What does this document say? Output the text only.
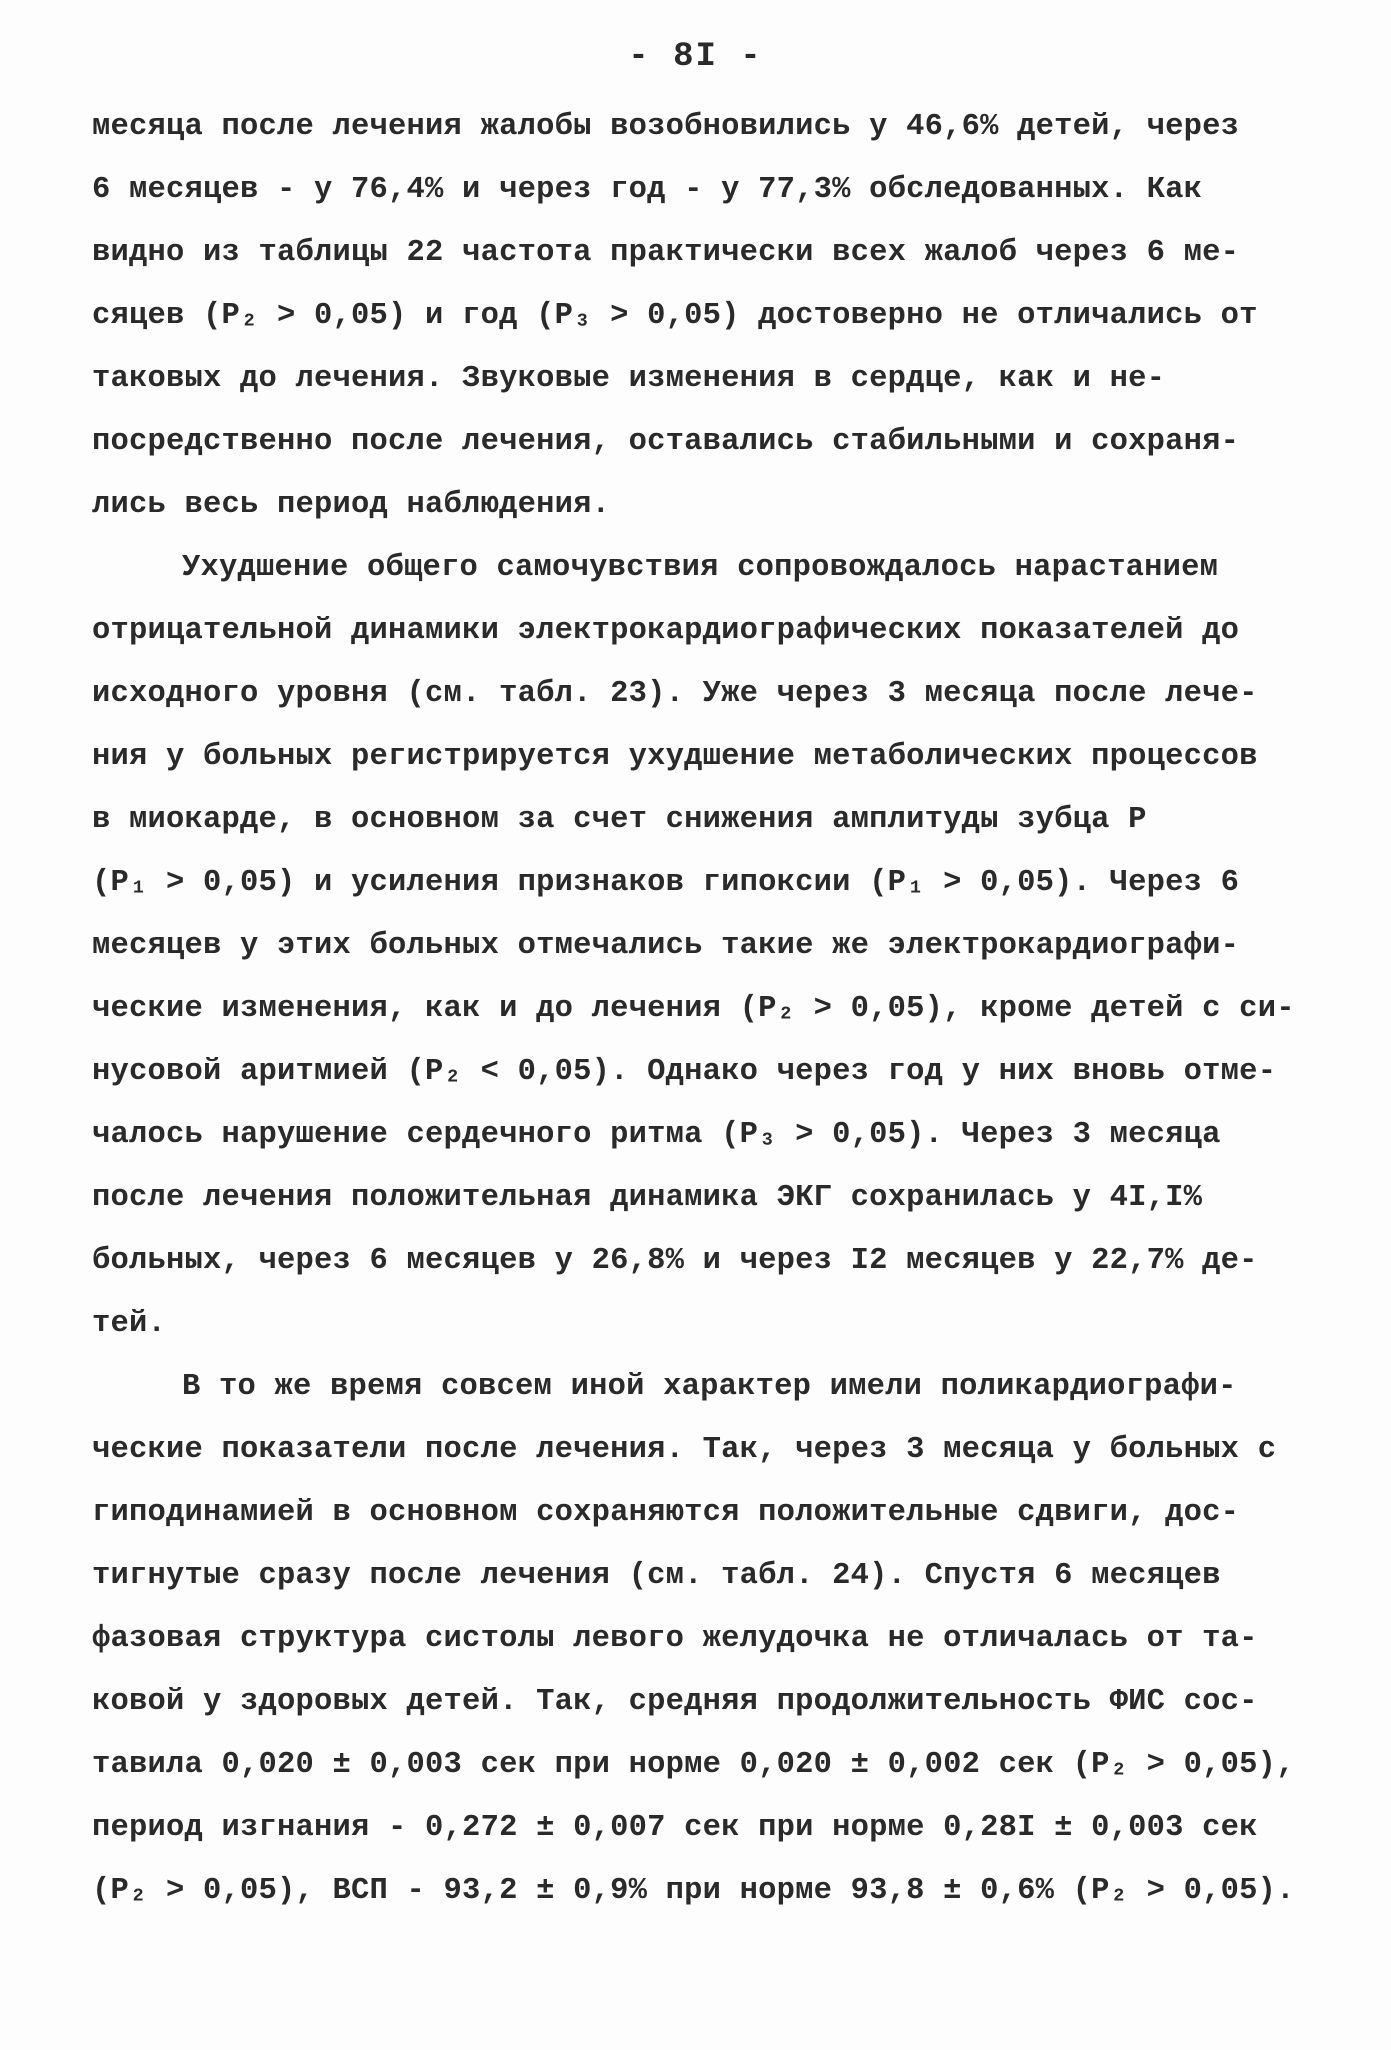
- 8I -
месяца после лечения жалобы возобновились у 46,6% детей, через
6 месяцев - у 76,4% и через год - у 77,3% обследованных. Как
видно из таблицы 22 частота практически всех жалоб через 6 ме-
сяцев (P₂ > 0,05) и год (P₃ > 0,05) достоверно не отличались от
таковых до лечения. Звуковые изменения в сердце, как и не-
посредственно после лечения, оставались стабильными и сохраня-
лись весь период наблюдения.
Ухудшение общего самочувствия сопровождалось нарастанием
отрицательной динамики электрокардиографических показателей до
исходного уровня (см. табл. 23). Уже через 3 месяца после лече-
ния у больных регистрируется ухудшение метаболических процессов
в миокарде, в основном за счет снижения амплитуды зубца Р
(P₁ > 0,05) и усиления признаков гипоксии (P₁ > 0,05). Через 6
месяцев у этих больных отмечались такие же электрокардиографи-
ческие изменения, как и до лечения (P₂ > 0,05), кроме детей с си-
нусовой аритмией (P₂ < 0,05). Однако через год у них вновь отме-
чалось нарушение сердечного ритма (P₃ > 0,05). Через 3 месяца
после лечения положительная динамика ЭКГ сохранилась у 4I,I%
больных, через 6 месяцев у 26,8% и через I2 месяцев у 22,7% де-
тей.
В то же время совсем иной характер имели поликардиографи-
ческие показатели после лечения. Так, через 3 месяца у больных с
гиподинамией в основном сохраняются положительные сдвиги, дос-
тигнутые сразу после лечения (см. табл. 24). Спустя 6 месяцев
фазовая структура систолы левого желудочка не отличалась от та-
ковой у здоровых детей. Так, средняя продолжительность ФИС сос-
тавила 0,020 ± 0,003 сек при норме 0,020 ± 0,002 сек (P₂ > 0,05),
период изгнания - 0,272 ± 0,007 сек при норме 0,28I ± 0,003 сек
(P₂ > 0,05), ВСП - 93,2 ± 0,9% при норме 93,8 ± 0,6% (P₂ > 0,05).
